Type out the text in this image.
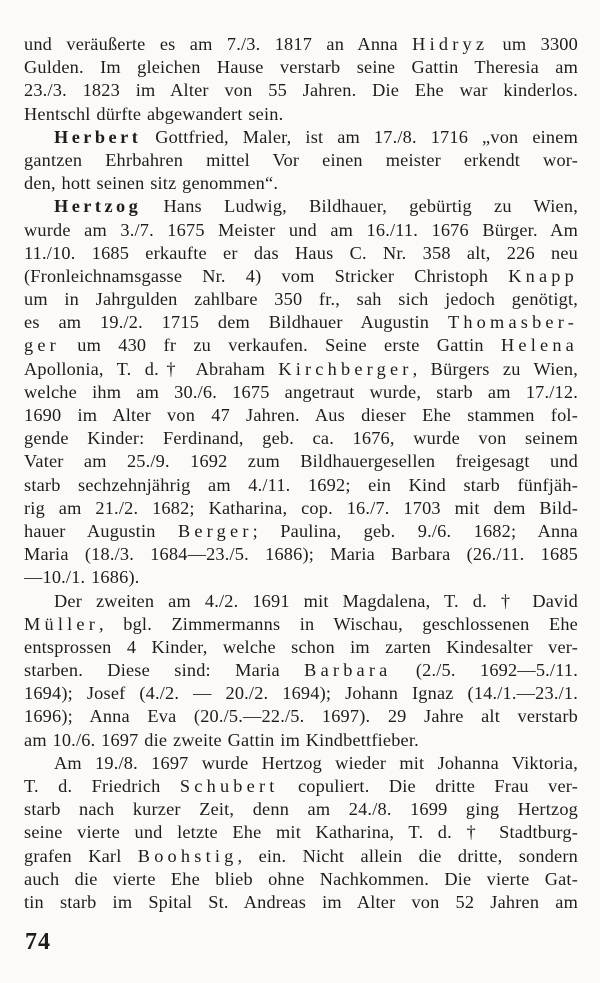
und veräußerte es am 7./3. 1817 an Anna Hidryz um 3300
Gulden. Im gleichen Hause verstarb seine Gattin Theresia am
23./3. 1823 im Alter von 55 Jahren. Die Ehe war kinderlos.
Hentschl dürfte abgewandert sein.
Herbert Gottfried, Maler, ist am 17./8. 1716 „von einem
gantzen Ehrbahren mittel Vor einen meister erkendt wor-
den, hott seinen sitz genommen“.
Hertzog Hans Ludwig, Bildhauer, gebürtig zu Wien,
wurde am 3./7. 1675 Meister und am 16./11. 1676 Bürger. Am
11./10. 1685 erkaufte er das Haus C. Nr. 358 alt, 226 neu
(Fronleichnamsgasse Nr. 4) vom Stricker Christoph Knapp
um in Jahrgulden zahlbare 350 fr., sah sich jedoch genötigt,
es am 19./2. 1715 dem Bildhauer Augustin Thomasber-
ger um 430 fr zu verkaufen. Seine erste Gattin Helena
Apollonia, T. d.† Abraham Kirchberger, Bürgers zu Wien,
welche ihm am 30./6. 1675 angetraut wurde, starb am 17./12.
1690 im Alter von 47 Jahren. Aus dieser Ehe stammen fol-
gende Kinder: Ferdinand, geb. ca. 1676, wurde von seinem
Vater am 25./9. 1692 zum Bildhauergesellen freigesagt und
starb sechzehnjährig am 4./11. 1692; ein Kind starb fünfjäh-
rig am 21./2. 1682; Katharina, cop. 16./7. 1703 mit dem Bild-
hauer Augustin Berger; Paulina, geb. 9./6. 1682; Anna
Maria (18./3. 1684—23./5. 1686); Maria Barbara (26./11. 1685
—10./1. 1686).
Der zweiten am 4./2. 1691 mit Magdalena, T. d. † David
Müller, bgl. Zimmermanns in Wischau, geschlossenen Ehe
entsprossen 4 Kinder, welche schon im zarten Kindesalter ver-
starben. Diese sind: Maria Barbara (2./5. 1692—5./11.
1694); Josef (4./2. — 20./2. 1694); Johann Ignaz (14./1.—23./1.
1696); Anna Eva (20./5.—22./5. 1697). 29 Jahre alt verstarb
am 10./6. 1697 die zweite Gattin im Kindbettfieber.
Am 19./8. 1697 wurde Hertzog wieder mit Johanna Viktoria,
T. d. Friedrich Schubert copuliert. Die dritte Frau ver-
starb nach kurzer Zeit, denn am 24./8. 1699 ging Hertzog
seine vierte und letzte Ehe mit Katharina, T. d. † Stadtburg-
grafen Karl Boohstig, ein. Nicht allein die dritte, sondern
auch die vierte Ehe blieb ohne Nachkommen. Die vierte Gat-
tin starb im Spital St. Andreas im Alter von 52 Jahren am
74
